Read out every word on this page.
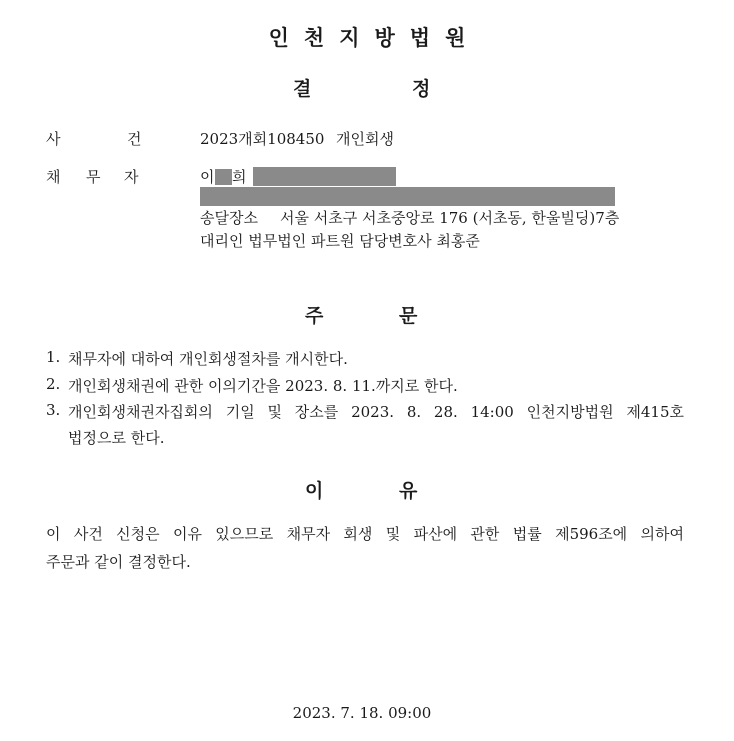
인천지방법원
결	정
사	건	2023개회108450 개인회생
채 무 자	이 희
송달장소 서울 서초구 서초중앙로 176 (서초동, 한울빌딩)7층
대리인 법무법인 파트원 담당변호사 최홍준
주	문
1. 채무자에 대하여 개인회생절차를 개시한다.
2. 개인회생채권에 관한 이의기간을 2023. 8. 11.까지로 한다.
3. 개인회생채권자집회의 기일 및 장소를 2023. 8. 28. 14:00 인천지방법원 제415호
법정으로 한다.
이	유
이 사건 신청은 이유 있으므로 채무자 회생 및 파산에 관한 법률 제596조에 의하여
주문과 같이 결정한다.
2023. 7. 18. 09:00
